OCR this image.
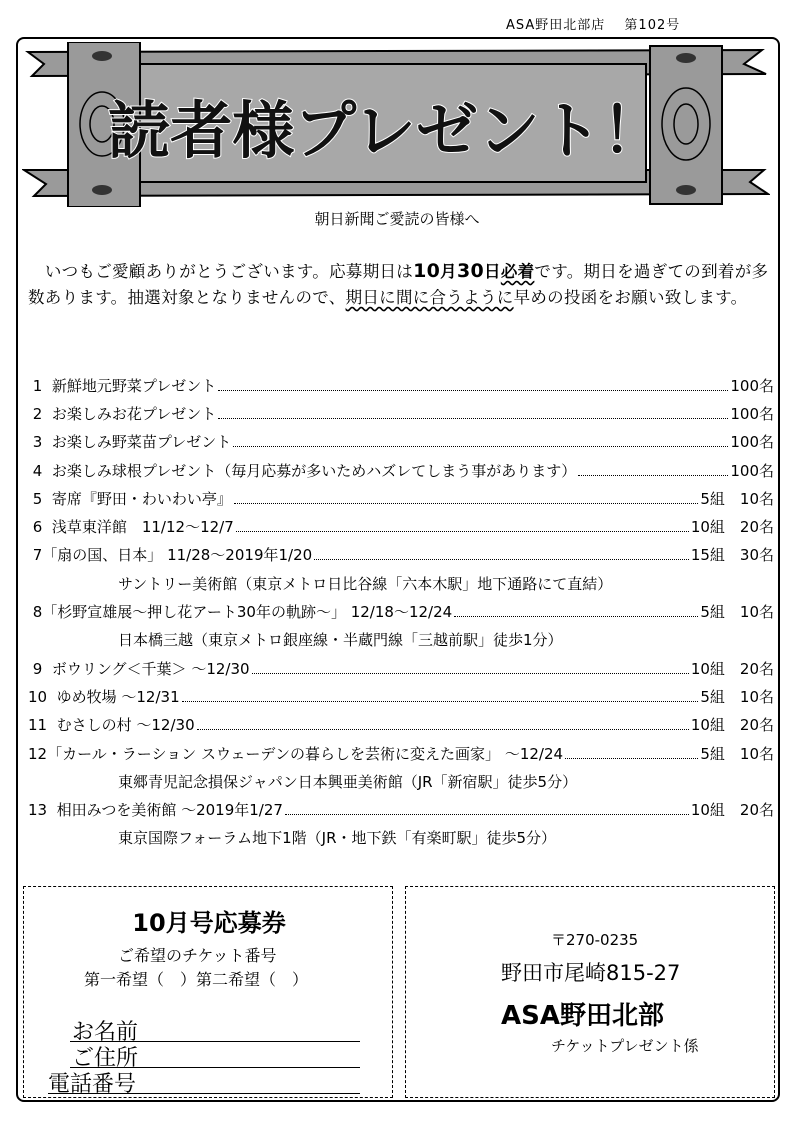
ASA野田北部店　 第102号
読者様プレゼント！
朝日新聞ご愛読の皆様へ
　いつもご愛顧ありがとうございます。応募期日は10月30日必着です。期日を過ぎての到着が多数あります。抽選対象となりませんので、期日に間に合うように早めの投函をお願い致します。
1  新鮮地元野菜プレゼント	100名
2  お楽しみお花プレゼント	100名
3  お楽しみ野菜苗プレゼント	100名
4  お楽しみ球根プレゼント（毎月応募が多いためハズレてしまう事があります）	100名
5  寄席『野田・わいわい亭』	5組　10名
6  浅草東洋館　11/12～12/7	10組　20名
7「扇の国、日本」 11/28～2019年1/20	15組　30名
サントリー美術館（東京メトロ日比谷線「六本木駅」地下通路にて直結）
8「杉野宣雄展～押し花アート30年の軌跡～」 12/18～12/24	5組　10名
日本橋三越（東京メトロ銀座線・半蔵門線「三越前駅」徒歩1分）
9  ボウリング＜千葉＞ ～12/30	10組　20名
10  ゆめ牧場 ～12/31	5組　10名
11  むさしの村 ～12/30	10組　20名
12「カール・ラーション スウェーデンの暮らしを芸術に変えた画家」 ～12/24	5組　10名
東郷青児記念損保ジャパン日本興亜美術館（JR「新宿駅」徒歩5分）
13  相田みつを美術館 ～2019年1/27	10組　20名
東京国際フォーラム地下1階（JR・地下鉄「有楽町駅」徒歩5分）
10月号応募券
ご希望のチケット番号
第一希望（　）第二希望（　）
お名前
ご住所
電話番号
〒270-0235
野田市尾崎815-27
ASA野田北部
チケットプレゼント係
